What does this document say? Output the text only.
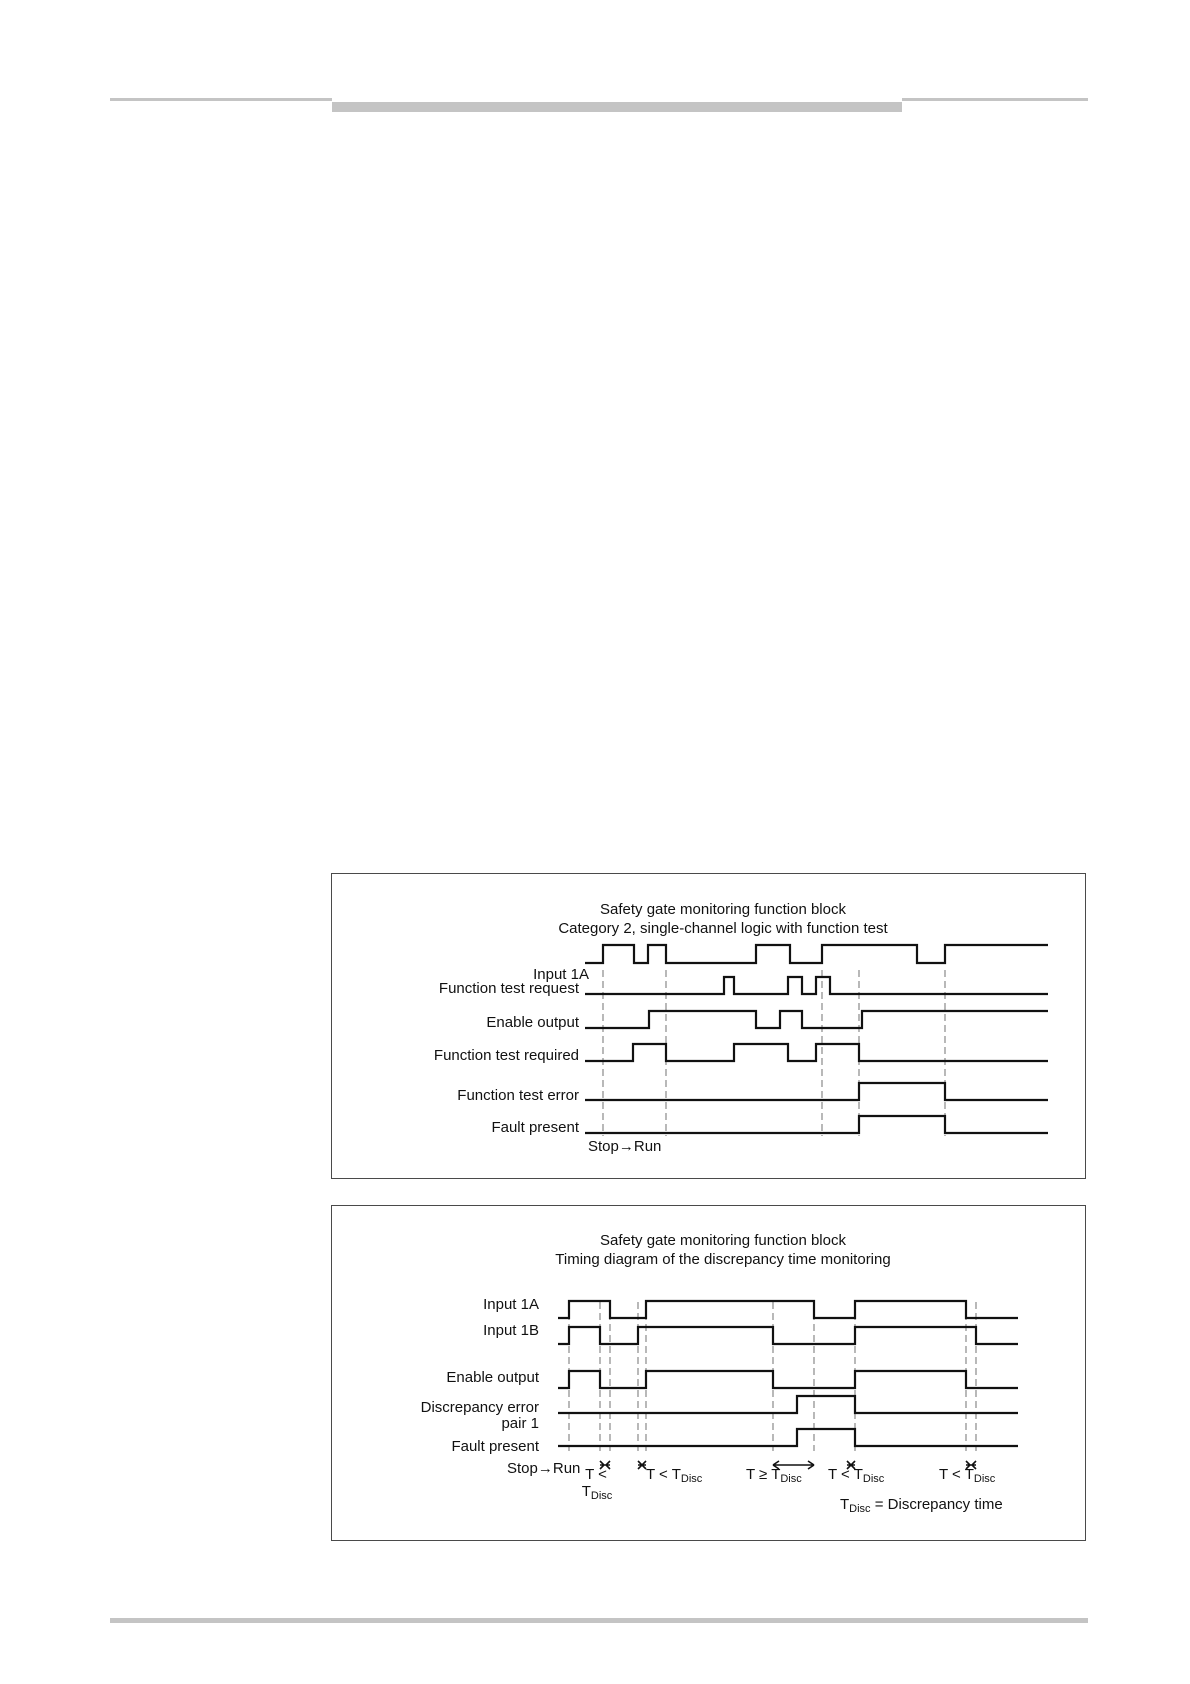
Safety gate monitoring function block
Category 2, single-channel logic with function test
Input 1A
Function test request
Enable output
Function test required
Function test error
Fault present
Stop→Run
Safety gate monitoring function block
Timing diagram of the discrepancy time monitoring
Input 1A
Input 1B
Enable output
Discrepancy error
pair 1
Fault present
Stop→Run T <
$T_{Disc}$
$T < T_{Disc}$	$T \ge T_{Disc}$ $T < T_{Disc}$	$T < T_{Disc}$
$T_{Disc}$ = Discrepancy time
